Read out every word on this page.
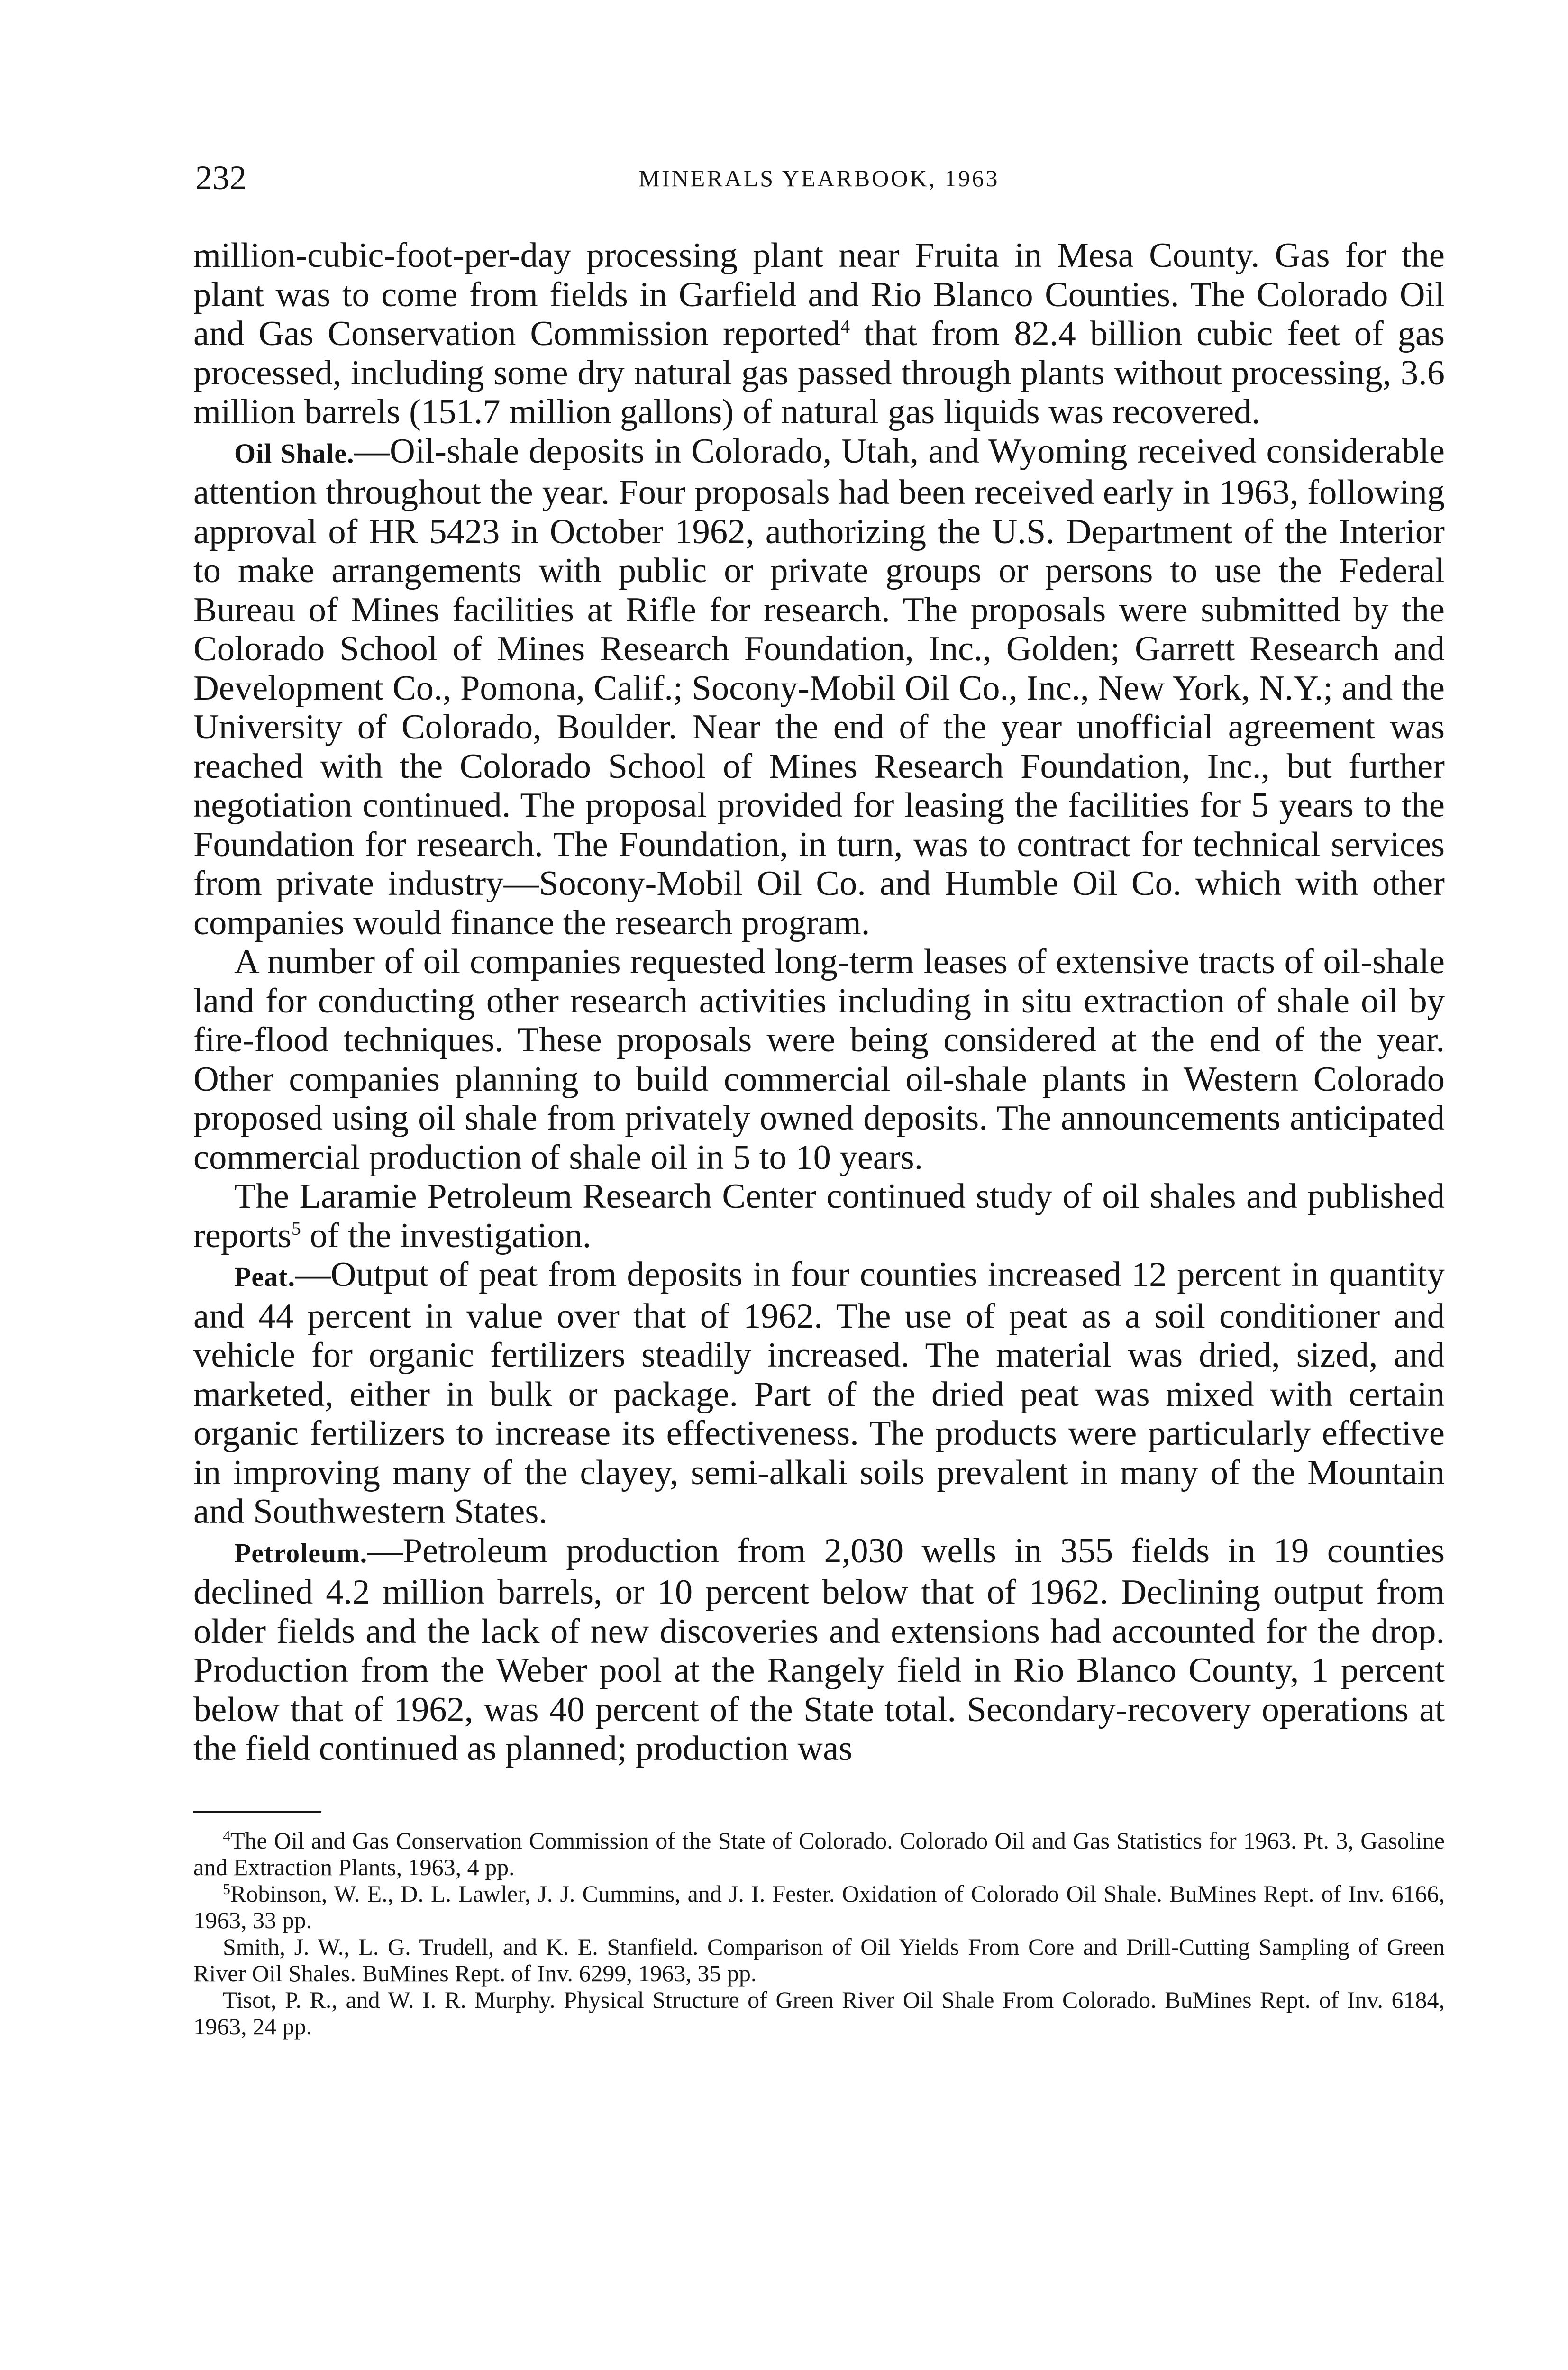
232	MINERALS YEARBOOK, 1963

million-cubic-foot-per-day processing plant near Fruita in Mesa County. Gas for the plant was to come from fields in Garfield and Rio Blanco Counties. The Colorado Oil and Gas Conservation Commission reported$^4$ that from 82.4 billion cubic feet of gas processed, including some dry natural gas passed through plants without processing, 3.6 million barrels (151.7 million gallons) of natural gas liquids was recovered.

Oil Shale.—Oil-shale deposits in Colorado, Utah, and Wyoming received considerable attention throughout the year. Four proposals had been received early in 1963, following approval of HR 5423 in October 1962, authorizing the U.S. Department of the Interior to make arrangements with public or private groups or persons to use the Federal Bureau of Mines facilities at Rifle for research. The proposals were submitted by the Colorado School of Mines Research Foundation, Inc., Golden; Garrett Research and Development Co., Pomona, Calif.; Socony-Mobil Oil Co., Inc., New York, N.Y.; and the University of Colorado, Boulder. Near the end of the year unofficial agreement was reached with the Colorado School of Mines Research Foundation, Inc., but further negotiation continued. The proposal provided for leasing the facilities for 5 years to the Foundation for research. The Foundation, in turn, was to contract for technical services from private industry—Socony-Mobil Oil Co. and Humble Oil Co. which with other companies would finance the research program.

A number of oil companies requested long-term leases of extensive tracts of oil-shale land for conducting other research activities including in situ extraction of shale oil by fire-flood techniques. These proposals were being considered at the end of the year. Other companies planning to build commercial oil-shale plants in Western Colorado proposed using oil shale from privately owned deposits. The announcements anticipated commercial production of shale oil in 5 to 10 years.

The Laramie Petroleum Research Center continued study of oil shales and published reports$^5$ of the investigation.

Peat.—Output of peat from deposits in four counties increased 12 percent in quantity and 44 percent in value over that of 1962. The use of peat as a soil conditioner and vehicle for organic fertilizers steadily increased. The material was dried, sized, and marketed, either in bulk or package. Part of the dried peat was mixed with certain organic fertilizers to increase its effectiveness. The products were particularly effective in improving many of the clayey, semi-alkali soils prevalent in many of the Mountain and Southwestern States.

Petroleum.—Petroleum production from 2,030 wells in 355 fields in 19 counties declined 4.2 million barrels, or 10 percent below that of 1962. Declining output from older fields and the lack of new discoveries and extensions had accounted for the drop. Production from the Weber pool at the Rangely field in Rio Blanco County, 1 percent below that of 1962, was 40 percent of the State total. Secondary-recovery operations at the field continued as planned; production was

$^4$The Oil and Gas Conservation Commission of the State of Colorado. Colorado Oil and Gas Statistics for 1963. Pt. 3, Gasoline and Extraction Plants, 1963, 4 pp.

$^5$Robinson, W. E., D. L. Lawler, J. J. Cummins, and J. I. Fester. Oxidation of Colorado Oil Shale. BuMines Rept. of Inv. 6166, 1963, 33 pp.

Smith, J. W., L. G. Trudell, and K. E. Stanfield. Comparison of Oil Yields From Core and Drill-Cutting Sampling of Green River Oil Shales. BuMines Rept. of Inv. 6299, 1963, 35 pp.

Tisot, P. R., and W. I. R. Murphy. Physical Structure of Green River Oil Shale From Colorado. BuMines Rept. of Inv. 6184, 1963, 24 pp.
